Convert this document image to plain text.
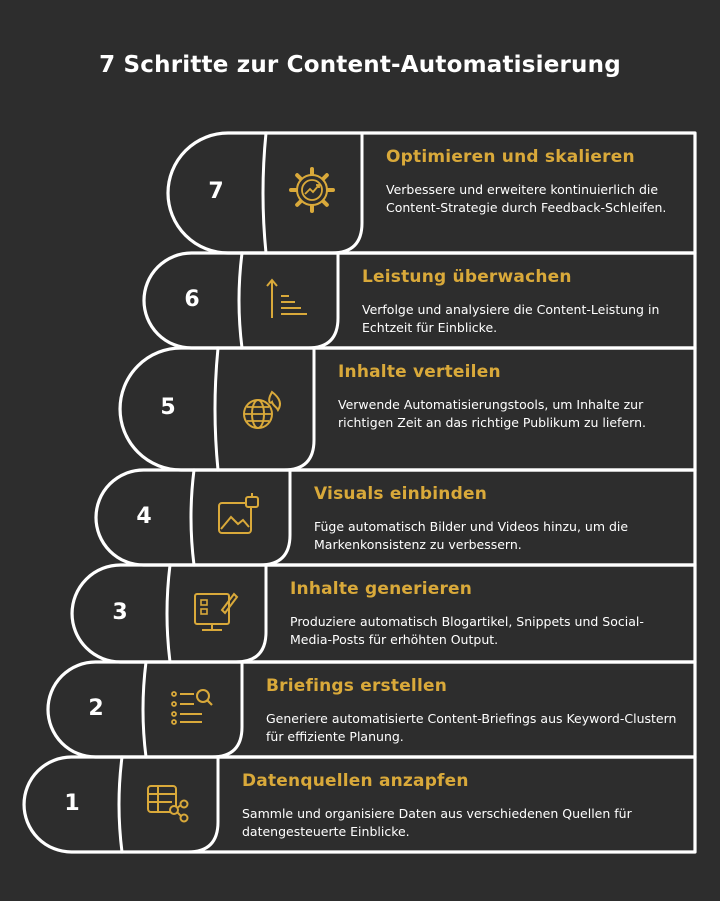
7 Schritte zur Content-Automatisierung
1
Datenquellen anzapfen
Sammle und organisiere Daten aus verschiedenen Quellen für datengesteuerte Einblicke.
2
Briefings erstellen
Generiere automatisierte Content-Briefings aus Keyword-Clustern für effiziente Planung.
3
Inhalte generieren
Produziere automatisch Blogartikel, Snippets und Social-Media-Posts für erhöhten Output.
4
Visuals einbinden
Füge automatisch Bilder und Videos hinzu, um die Markenkonsistenz zu verbessern.
5
Inhalte verteilen
Verwende Automatisierungstools, um Inhalte zur richtigen Zeit an das richtige Publikum zu liefern.
6
Leistung überwachen
Verfolge und analysiere die Content-Leistung in Echtzeit für Einblicke.
7
Optimieren und skalieren
Verbessere und erweitere kontinuierlich die Content-Strategie durch Feedback-Schleifen.
